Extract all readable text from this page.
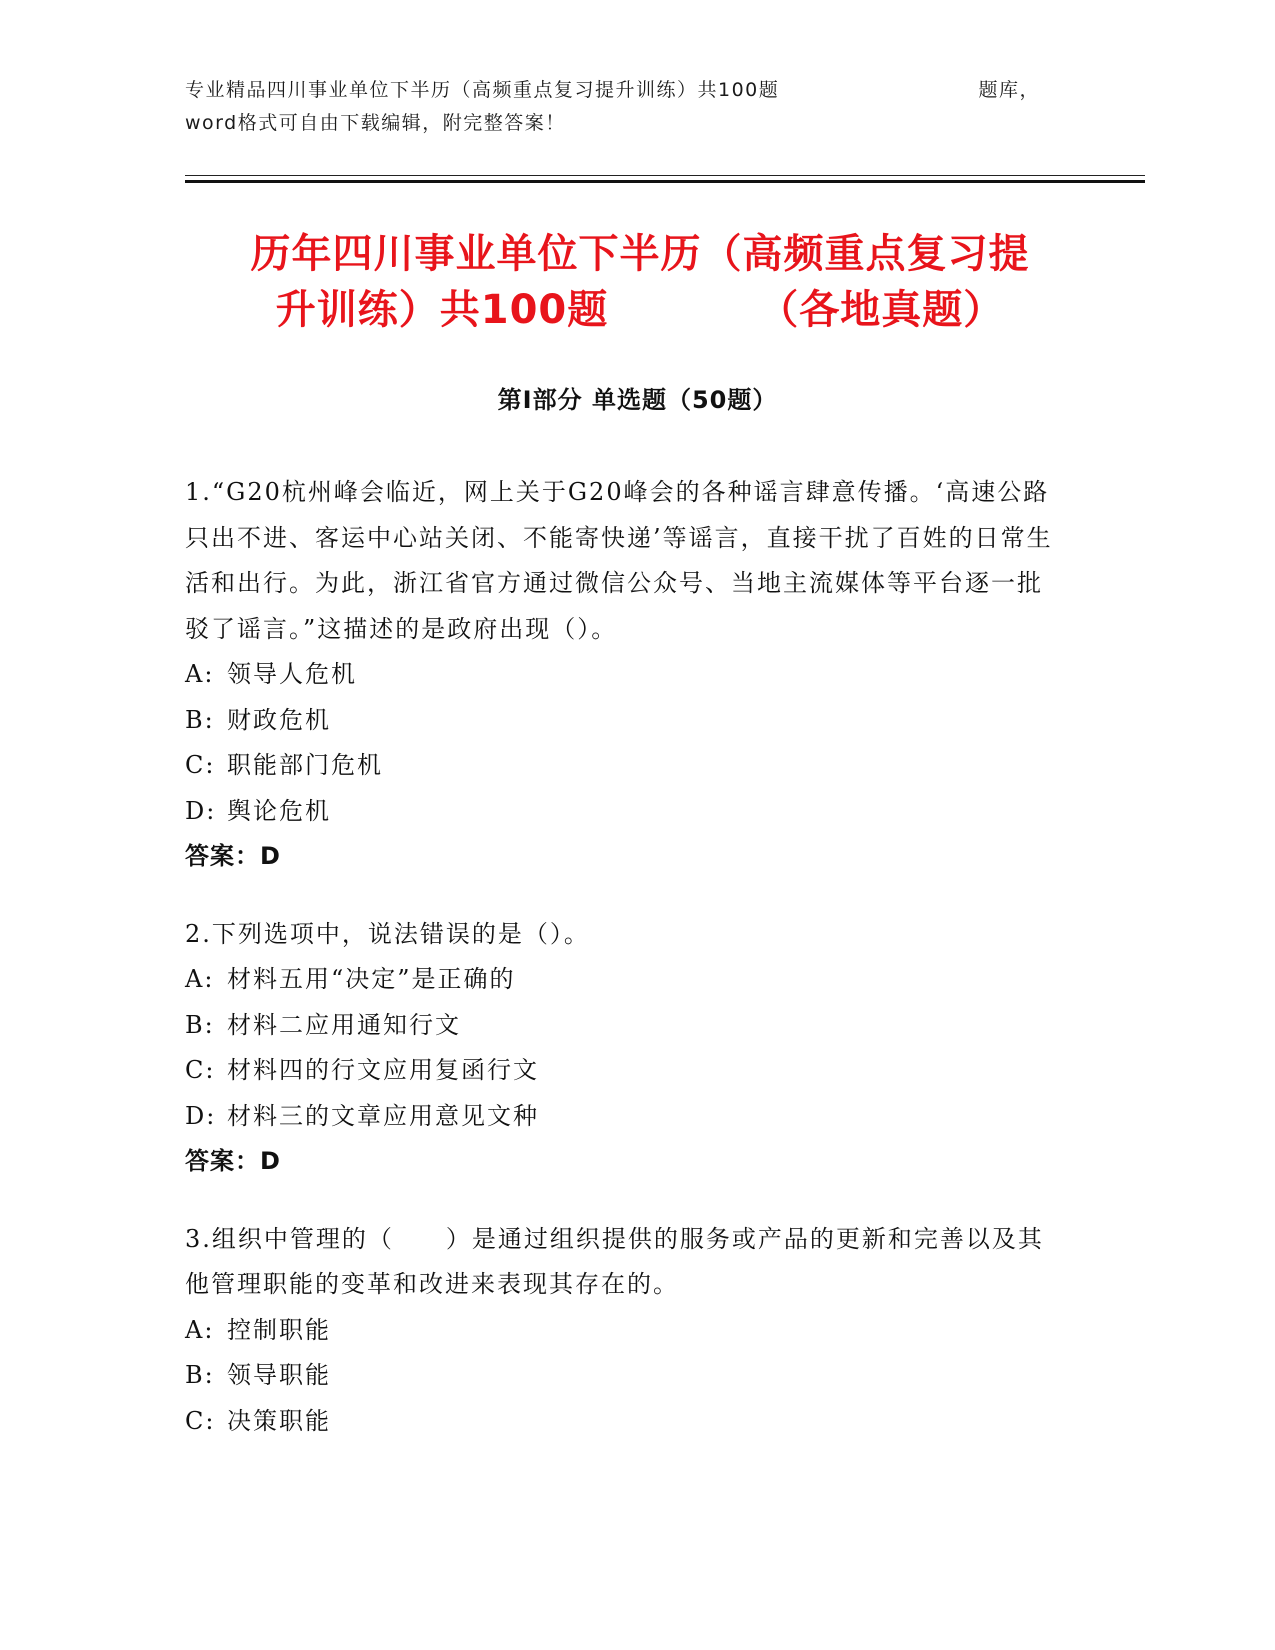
专业精品四川事业单位下半历（高频重点复习提升训练）共100题	题库，
word格式可自由下载编辑，附完整答案！
历年四川事业单位下半历（高频重点复习提
升训练）共100题	（各地真题）
第Ⅰ部分 单选题（50题）
1.“G20杭州峰会临近，网上关于G20峰会的各种谣言肆意传播。‘高速公路只出不进、客运中心站关闭、不能寄快递’等谣言，直接干扰了百姓的日常生活和出行。为此，浙江省官方通过微信公众号、当地主流媒体等平台逐一批驳了谣言。”这描述的是政府出现（）。
A: 领导人危机
B: 财政危机
C: 职能部门危机
D: 舆论危机
答案：D
2.下列选项中，说法错误的是（）。
A: 材料五用“决定”是正确的
B: 材料二应用通知行文
C: 材料四的行文应用复函行文
D: 材料三的文章应用意见文种
答案：D
3.组织中管理的（　　）是通过组织提供的服务或产品的更新和完善以及其他管理职能的变革和改进来表现其存在的。
A: 控制职能
B: 领导职能
C: 决策职能
